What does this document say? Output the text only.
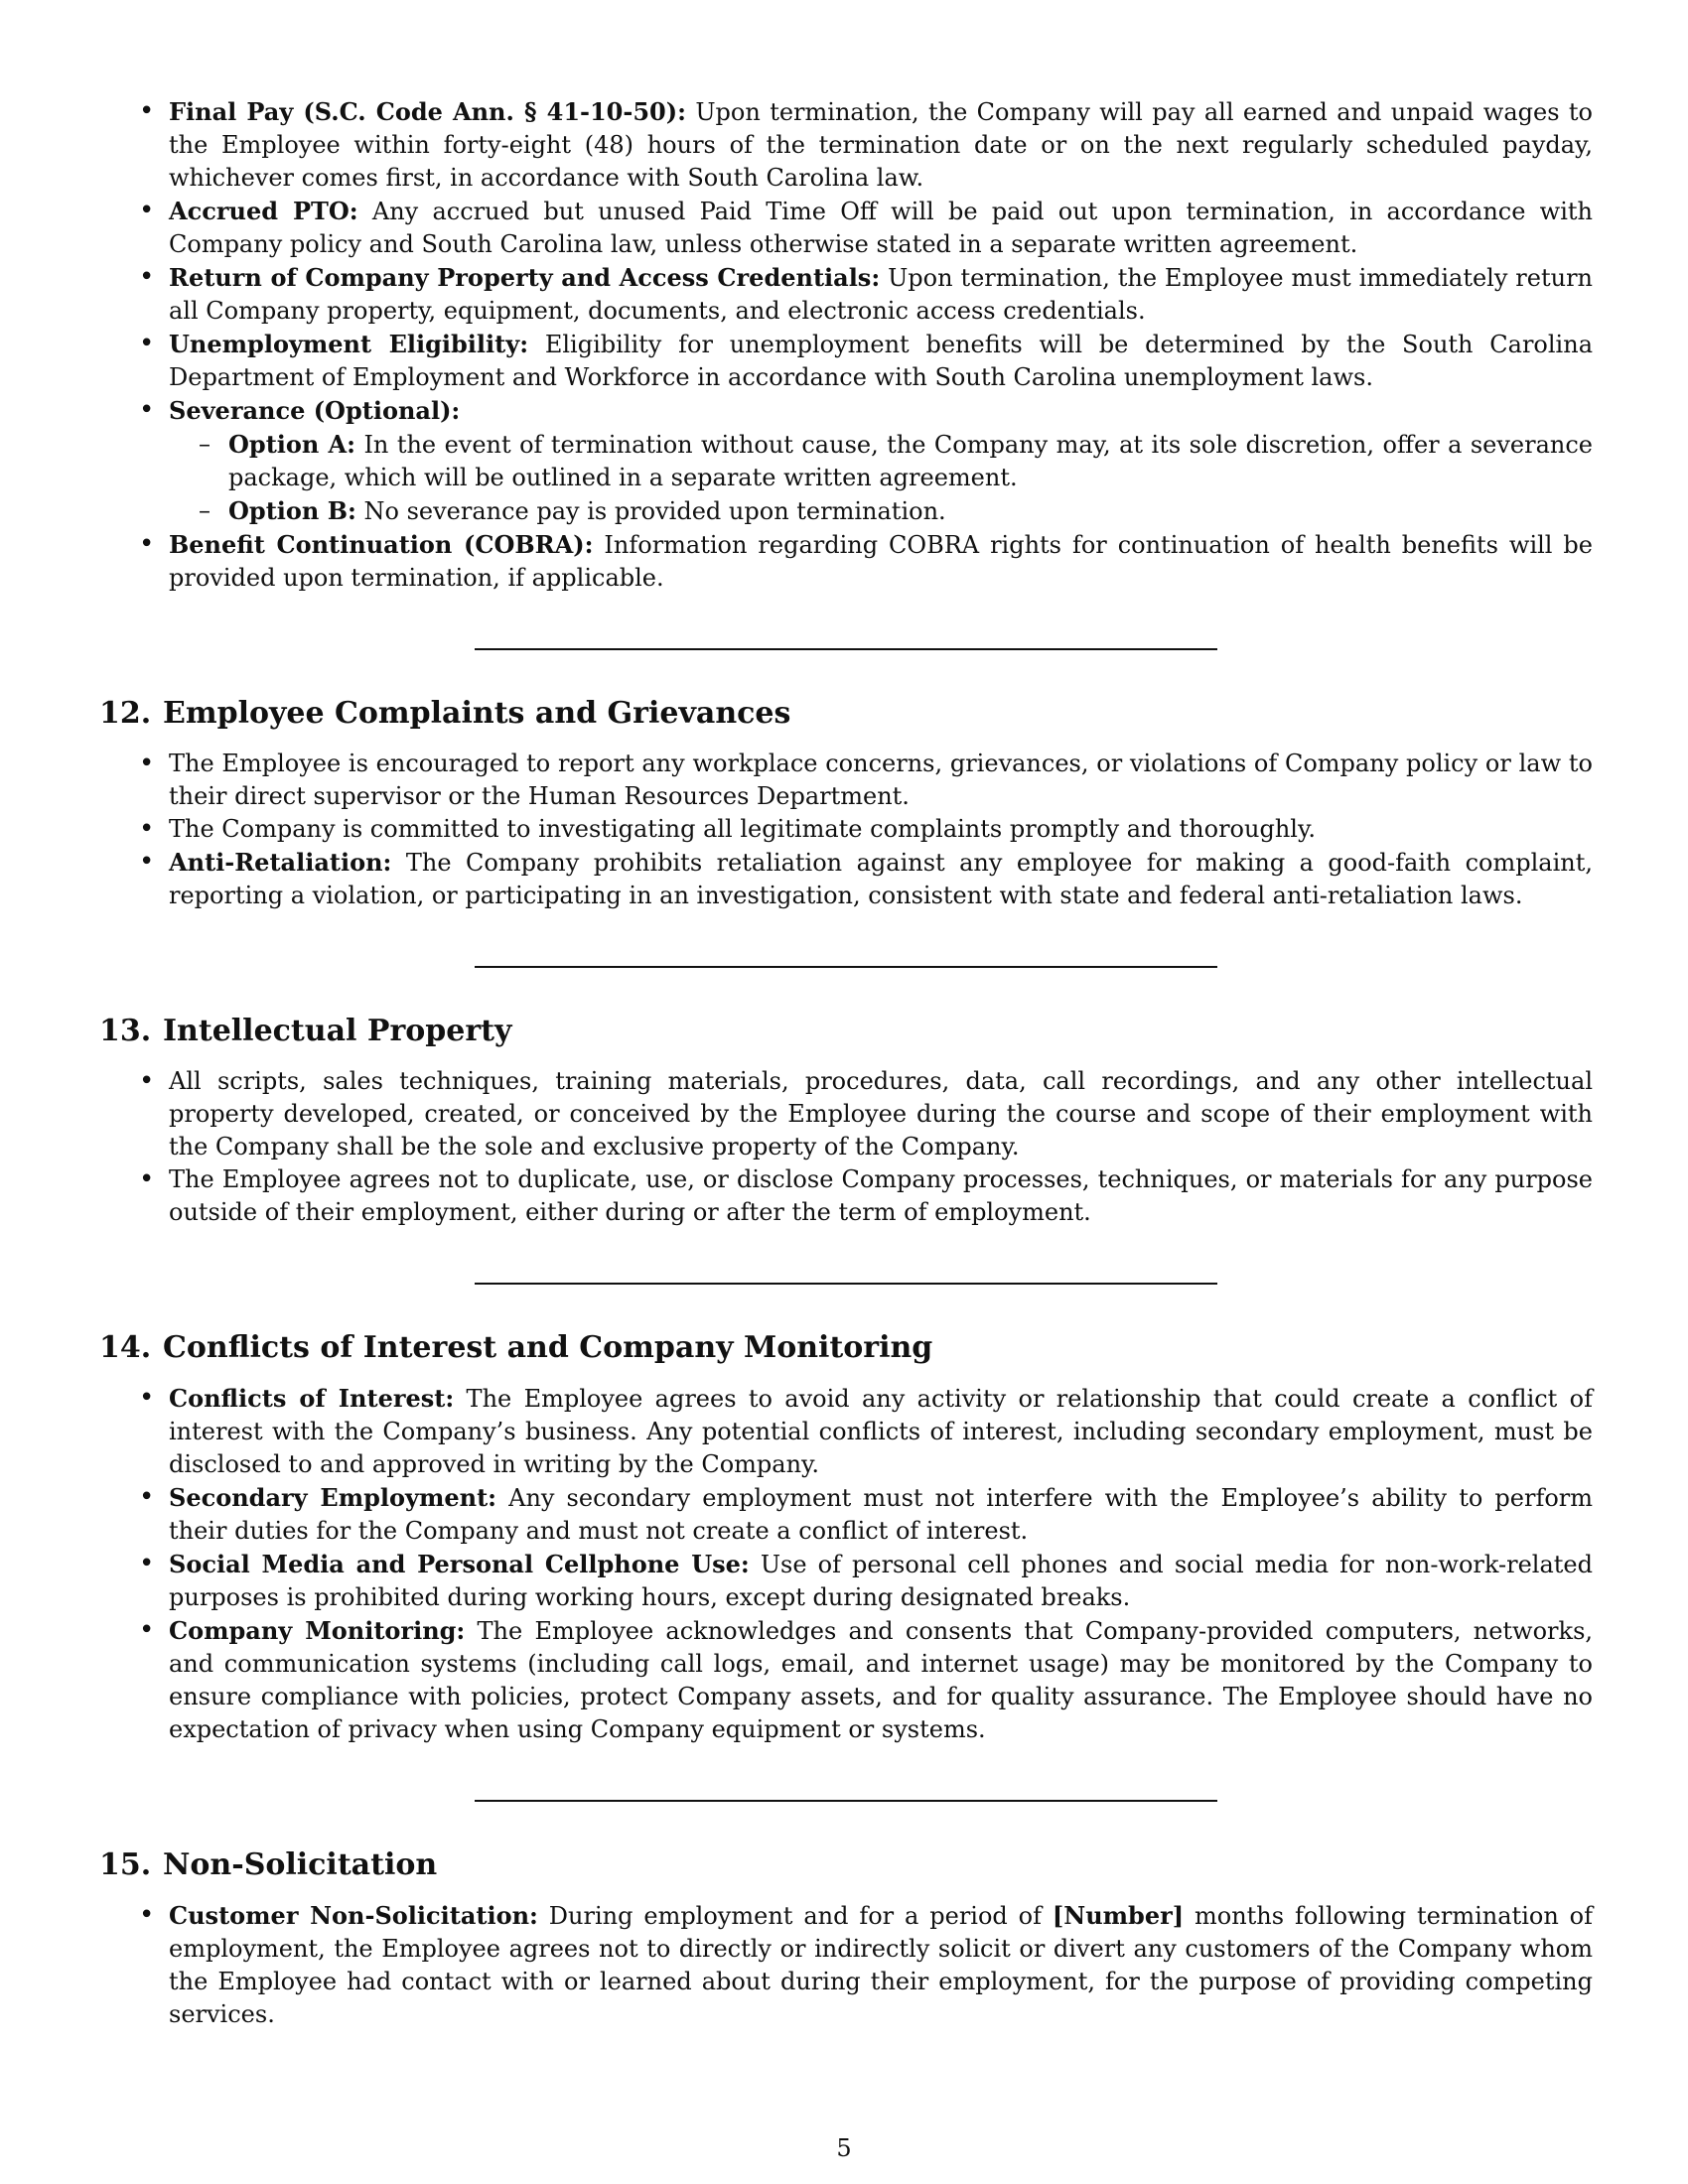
• Final Pay (S.C. Code Ann. § 41-10-50): Upon termination, the Company will pay all earned and unpaid wages to the Employee within forty-eight (48) hours of the termination date or on the next regularly scheduled payday, whichever comes first, in accordance with South Carolina law.
• Accrued PTO: Any accrued but unused Paid Time Off will be paid out upon termination, in accordance with Company policy and South Carolina law, unless otherwise stated in a separate written agreement.
• Return of Company Property and Access Credentials: Upon termination, the Employee must immediately return all Company property, equipment, documents, and electronic access credentials.
• Unemployment Eligibility: Eligibility for unemployment benefits will be determined by the South Carolina Department of Employment and Workforce in accordance with South Carolina unemployment laws.
• Severance (Optional):
– Option A: In the event of termination without cause, the Company may, at its sole discretion, offer a severance package, which will be outlined in a separate written agreement.
– Option B: No severance pay is provided upon termination.
• Benefit Continuation (COBRA): Information regarding COBRA rights for continuation of health benefits will be provided upon termination, if applicable.
12. Employee Complaints and Grievances
• The Employee is encouraged to report any workplace concerns, grievances, or violations of Company policy or law to their direct supervisor or the Human Resources Department.
• The Company is committed to investigating all legitimate complaints promptly and thoroughly.
• Anti-Retaliation: The Company prohibits retaliation against any employee for making a good-faith complaint, reporting a violation, or participating in an investigation, consistent with state and federal anti-retaliation laws.
13. Intellectual Property
• All scripts, sales techniques, training materials, procedures, data, call recordings, and any other intellectual property developed, created, or conceived by the Employee during the course and scope of their employment with the Company shall be the sole and exclusive property of the Company.
• The Employee agrees not to duplicate, use, or disclose Company processes, techniques, or materials for any purpose outside of their employment, either during or after the term of employment.
14. Conflicts of Interest and Company Monitoring
• Conflicts of Interest: The Employee agrees to avoid any activity or relationship that could create a conflict of interest with the Company’s business. Any potential conflicts of interest, including secondary employment, must be disclosed to and approved in writing by the Company.
• Secondary Employment: Any secondary employment must not interfere with the Employee’s ability to perform their duties for the Company and must not create a conflict of interest.
• Social Media and Personal Cellphone Use: Use of personal cell phones and social media for non-work-related purposes is prohibited during working hours, except during designated breaks.
• Company Monitoring: The Employee acknowledges and consents that Company-provided computers, networks, and communication systems (including call logs, email, and internet usage) may be monitored by the Company to ensure compliance with policies, protect Company assets, and for quality assurance. The Employee should have no expectation of privacy when using Company equipment or systems.
15. Non-Solicitation
• Customer Non-Solicitation: During employment and for a period of [Number] months following termination of employment, the Employee agrees not to directly or indirectly solicit or divert any customers of the Company whom the Employee had contact with or learned about during their employment, for the purpose of providing competing services.
5
